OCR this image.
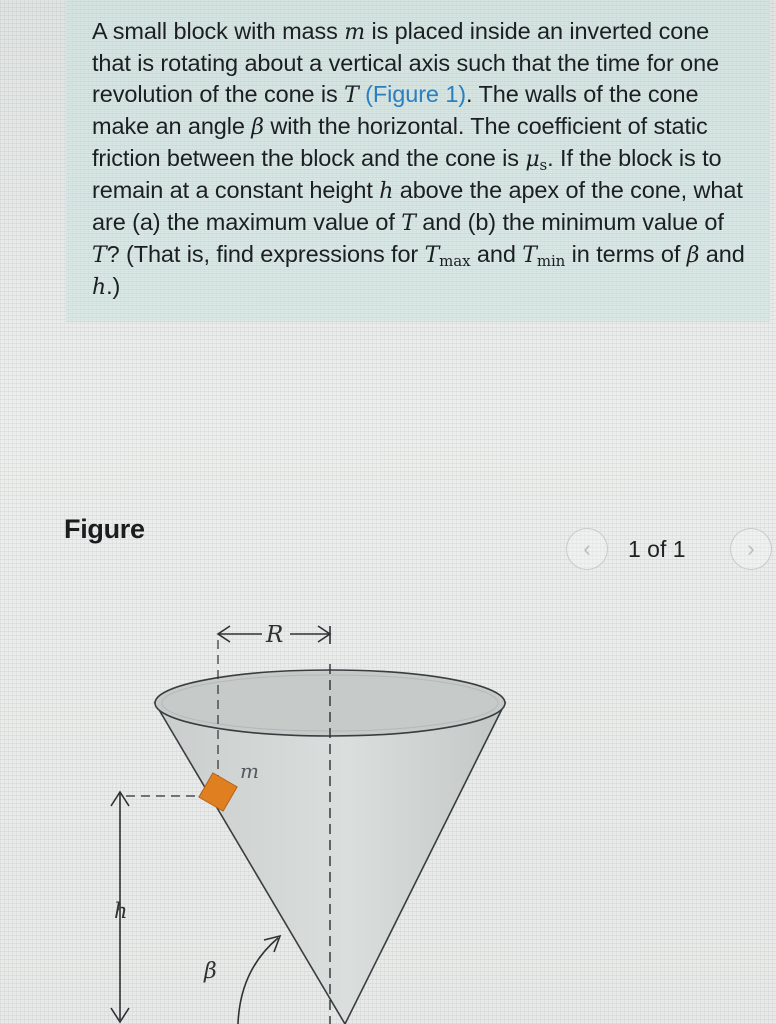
A small block with mass m is placed inside an inverted cone that is rotating about a vertical axis such that the time for one revolution of the cone is T (Figure 1). The walls of the cone make an angle β with the horizontal. The coefficient of static friction between the block and the cone is $\mu_s$. If the block is to remain at a constant height h above the apex of the cone, what are (a) the maximum value of T and (b) the minimum value of T? (That is, find expressions for $T_{max}$ and $T_{min}$ in terms of β and h.)
Figure
‹	1 of 1	›
R
m
h
β
